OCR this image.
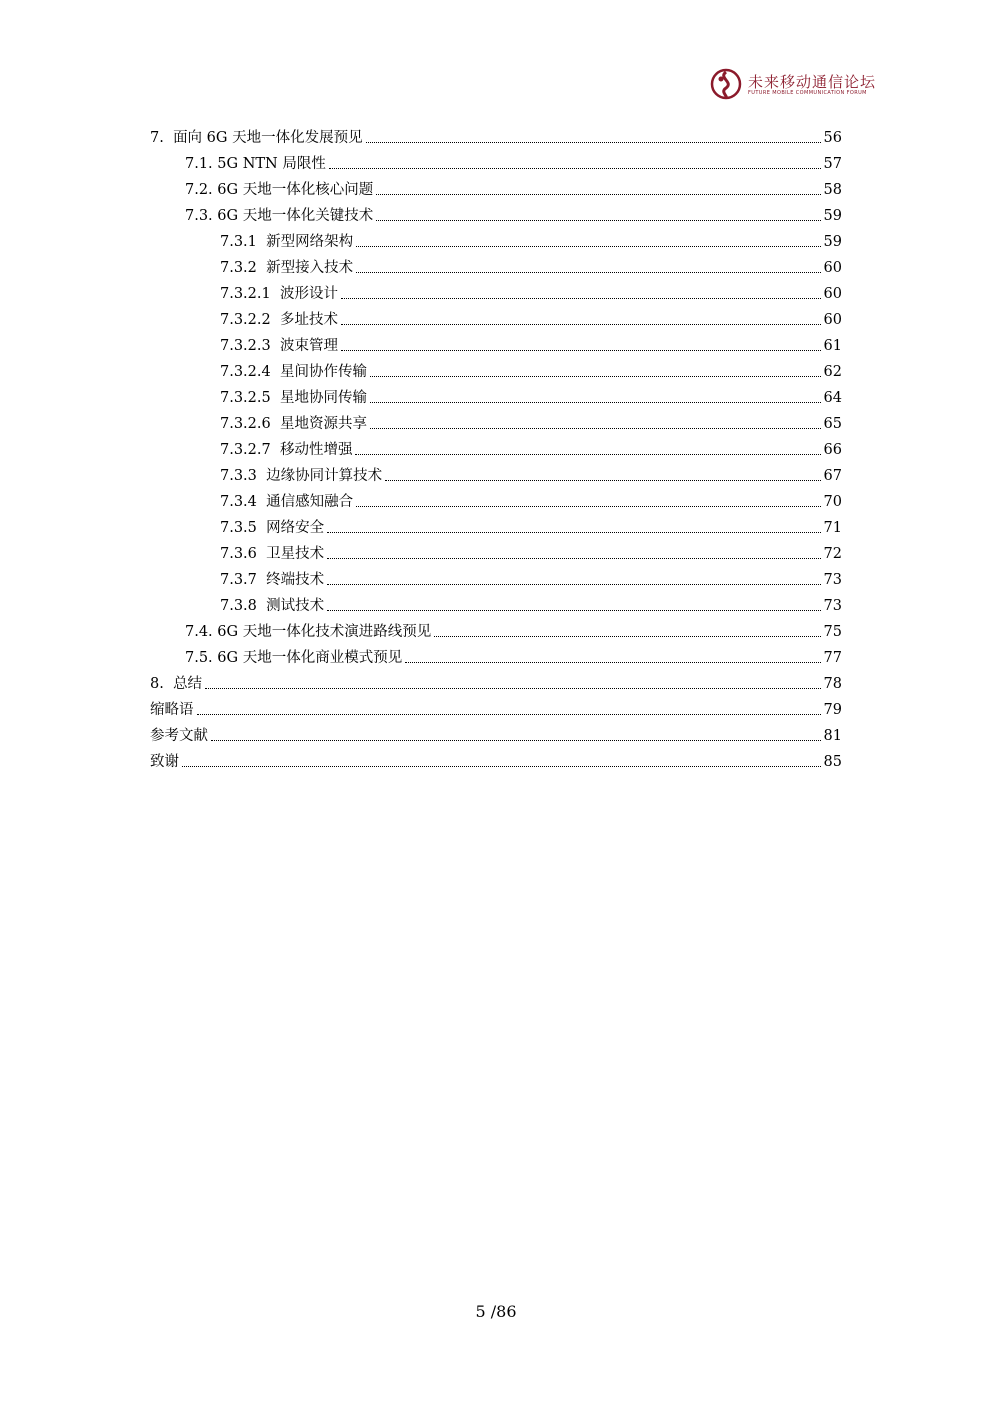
未来移动通信论坛
FUTURE MOBILE COMMUNICATION FORUM
7. 面向 6G 天地一体化发展预见	56
7.1. 5G NTN 局限性	57
7.2. 6G 天地一体化核心问题	58
7.3. 6G 天地一体化关键技术	59
7.3.1 新型网络架构	59
7.3.2 新型接入技术	60
7.3.2.1 波形设计	60
7.3.2.2 多址技术	60
7.3.2.3 波束管理	61
7.3.2.4 星间协作传输	62
7.3.2.5 星地协同传输	64
7.3.2.6 星地资源共享	65
7.3.2.7 移动性增强	66
7.3.3 边缘协同计算技术	67
7.3.4 通信感知融合	70
7.3.5 网络安全	71
7.3.6 卫星技术	72
7.3.7 终端技术	73
7.3.8 测试技术	73
7.4. 6G 天地一体化技术演进路线预见	75
7.5. 6G 天地一体化商业模式预见	77
8. 总结	78
缩略语	79
参考文献	81
致谢	85
5 /86
